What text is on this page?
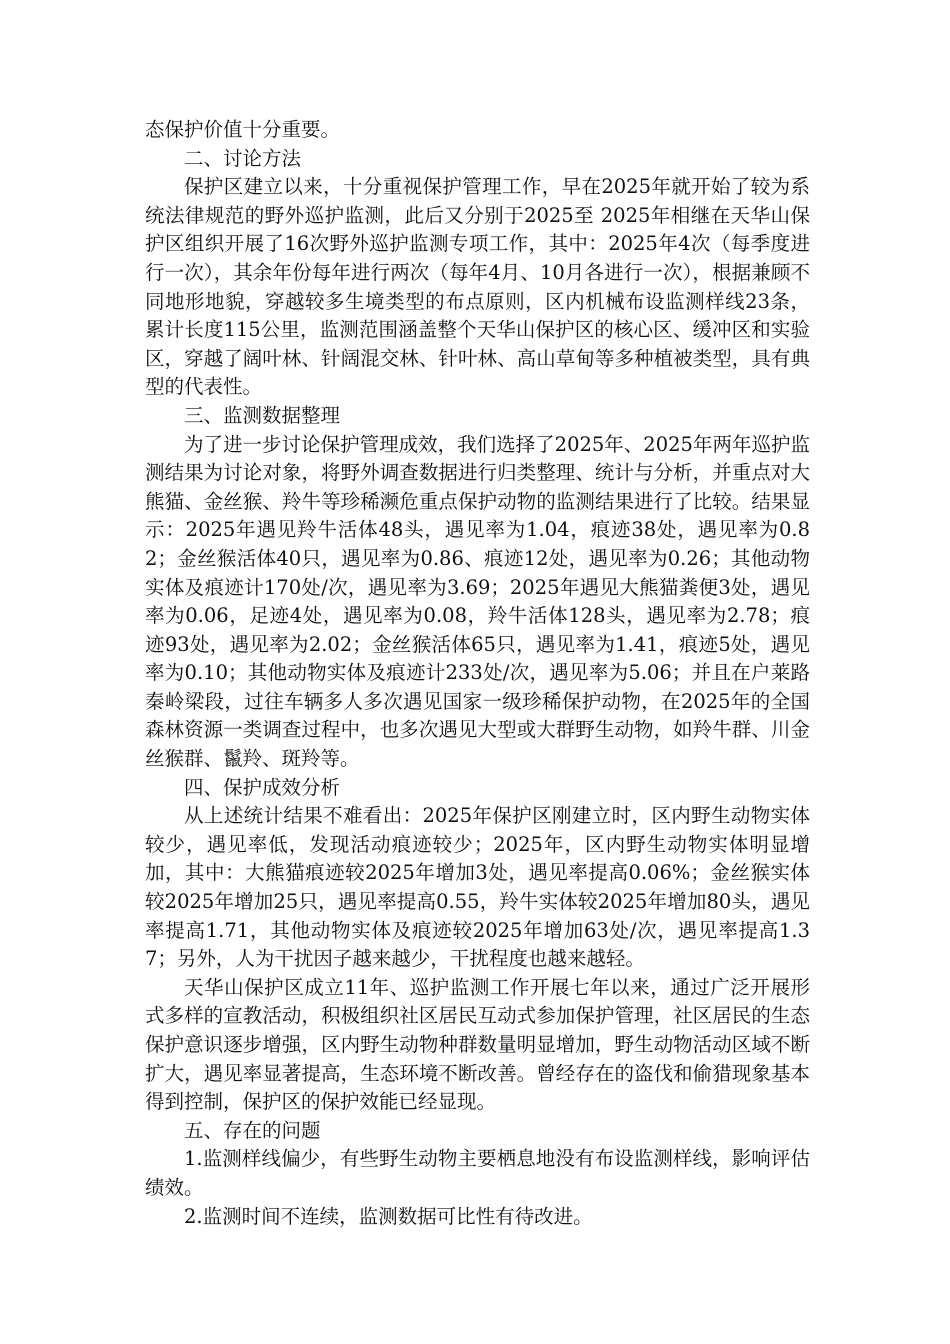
态保护价值十分重要。

二、讨论方法

保护区建立以来，十分重视保护管理工作，早在2025年就开始了较为系统法律规范的野外巡护监测，此后又分别于2025至 2025年相继在天华山保护区组织开展了16次野外巡护监测专项工作，其中：2025年4次（每季度进行一次），其余年份每年进行两次（每年4月、10月各进行一次），根据兼顾不同地形地貌，穿越较多生境类型的布点原则，区内机械布设监测样线23条，累计长度115公里，监测范围涵盖整个天华山保护区的核心区、缓冲区和实验区，穿越了阔叶林、针阔混交林、针叶林、高山草甸等多种植被类型，具有典型的代表性。

三、监测数据整理

为了进一步讨论保护管理成效，我们选择了2025年、2025年两年巡护监测结果为讨论对象，将野外调查数据进行归类整理、统计与分析，并重点对大熊猫、金丝猴、羚牛等珍稀濒危重点保护动物的监测结果进行了比较。结果显示：2025年遇见羚牛活体48头，遇见率为1.04，痕迹38处，遇见率为0.82；金丝猴活体40只，遇见率为0.86、痕迹12处，遇见率为0.26；其他动物实体及痕迹计170处/次，遇见率为3.69；2025年遇见大熊猫粪便3处，遇见率为0.06，足迹4处，遇见率为0.08，羚牛活体128头，遇见率为2.78；痕迹93处，遇见率为2.02；金丝猴活体65只，遇见率为1.41，痕迹5处，遇见率为0.10；其他动物实体及痕迹计233处/次，遇见率为5.06；并且在户莱路秦岭梁段，过往车辆多人多次遇见国家一级珍稀保护动物，在2025年的全国森林资源一类调查过程中，也多次遇见大型或大群野生动物，如羚牛群、川金丝猴群、鬣羚、斑羚等。

四、保护成效分析

从上述统计结果不难看出：2025年保护区刚建立时，区内野生动物实体较少，遇见率低，发现活动痕迹较少；2025年，区内野生动物实体明显增加，其中：大熊猫痕迹较2025年增加3处，遇见率提高0.06%；金丝猴实体较2025年增加25只，遇见率提高0.55，羚牛实体较2025年增加80头，遇见率提高1.71，其他动物实体及痕迹较2025年增加63处/次，遇见率提高1.37；另外，人为干扰因子越来越少，干扰程度也越来越轻。

天华山保护区成立11年、巡护监测工作开展七年以来，通过广泛开展形式多样的宣教活动，积极组织社区居民互动式参加保护管理，社区居民的生态保护意识逐步增强，区内野生动物种群数量明显增加，野生动物活动区域不断扩大，遇见率显著提高，生态环境不断改善。曾经存在的盗伐和偷猎现象基本得到控制，保护区的保护效能已经显现。

五、存在的问题

1.监测样线偏少，有些野生动物主要栖息地没有布设监测样线，影响评估绩效。

2.监测时间不连续，监测数据可比性有待改进。
